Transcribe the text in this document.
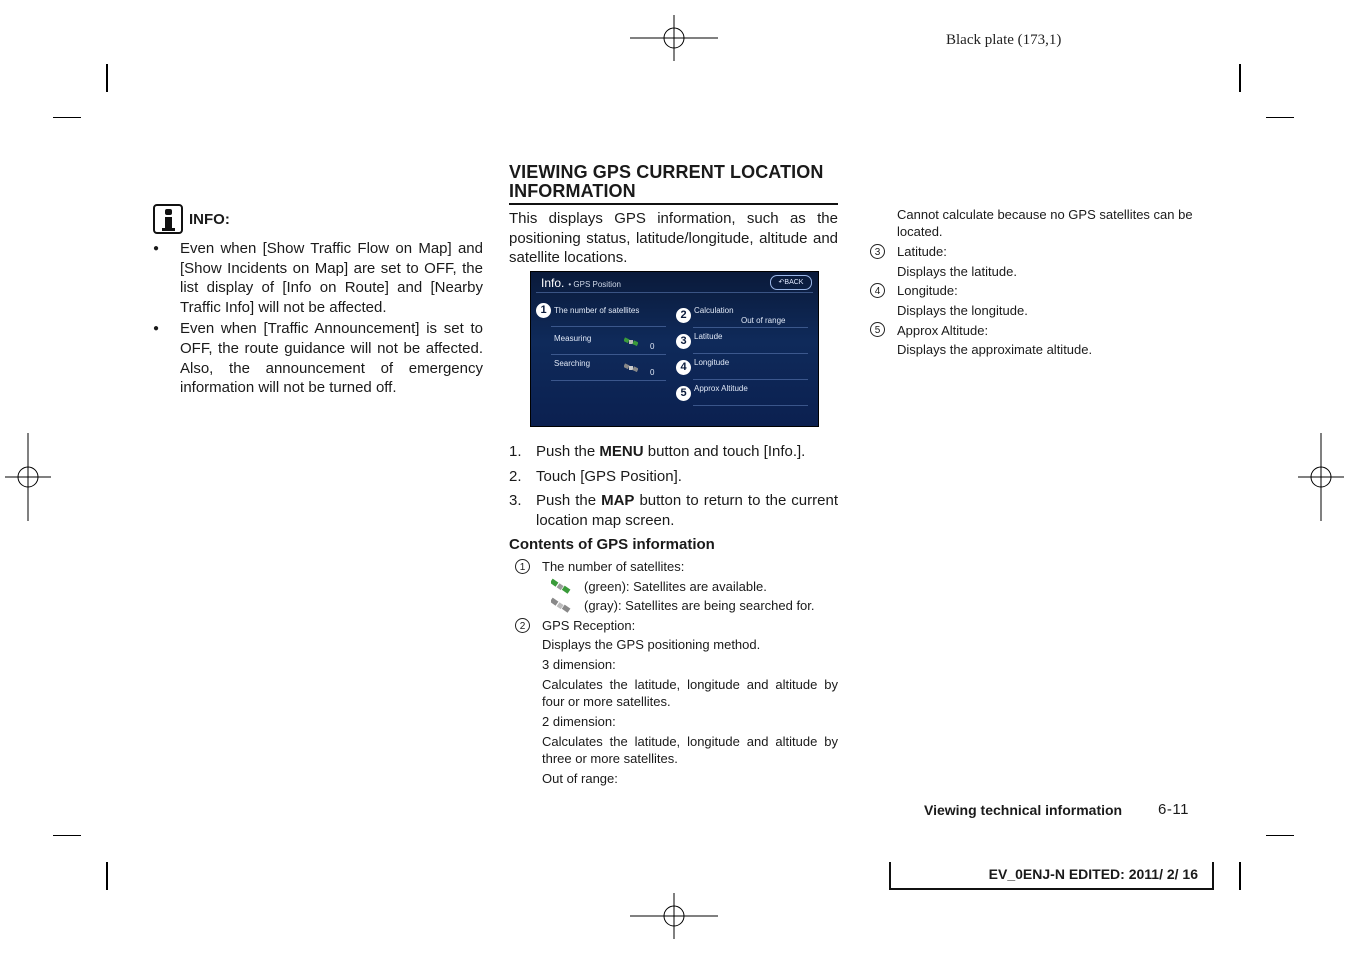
Black plate (173,1)
INFO:
● Even when [Show Traffic Flow on Map] and [Show Incidents on Map] are set to OFF, the list display of [Info on Route] and [Nearby Traffic Info] will not be affected.
● Even when [Traffic Announcement] is set to OFF, the route guidance will not be affected. Also, the announcement of emergency information will not be turned off.
VIEWING GPS CURRENT LOCATION
INFORMATION

This displays GPS information, such as the positioning status, latitude/longitude, altitude and satellite locations.

Info. • GPS Position	↶BACK
1 The number of satellites
Measuring
0
Searching
0
2 Calculation
Out of range
3 Latitude
4 Longitude
5 Approx Altitude
1. Push the MENU button and touch [Info.].
2. Touch [GPS Position].
3. Push the MAP button to return to the current location map screen.
Contents of GPS information
1	The number of satellites:
(green): Satellites are available.
(gray): Satellites are being searched for.
2	GPS Reception:
Displays the GPS positioning method.
3 dimension:
Calculates the latitude, longitude and altitude by four or more satellites.
2 dimension:
Calculates the latitude, longitude and altitude by three or more satellites.
Out of range:
Cannot calculate because no GPS satellites can be located.
3	Latitude:
Displays the latitude.
4	Longitude:
Displays the longitude.
5	Approx Altitude:
Displays the approximate altitude.
Viewing technical information 6-11
EV_0ENJ-N EDITED: 2011/ 2/ 16
